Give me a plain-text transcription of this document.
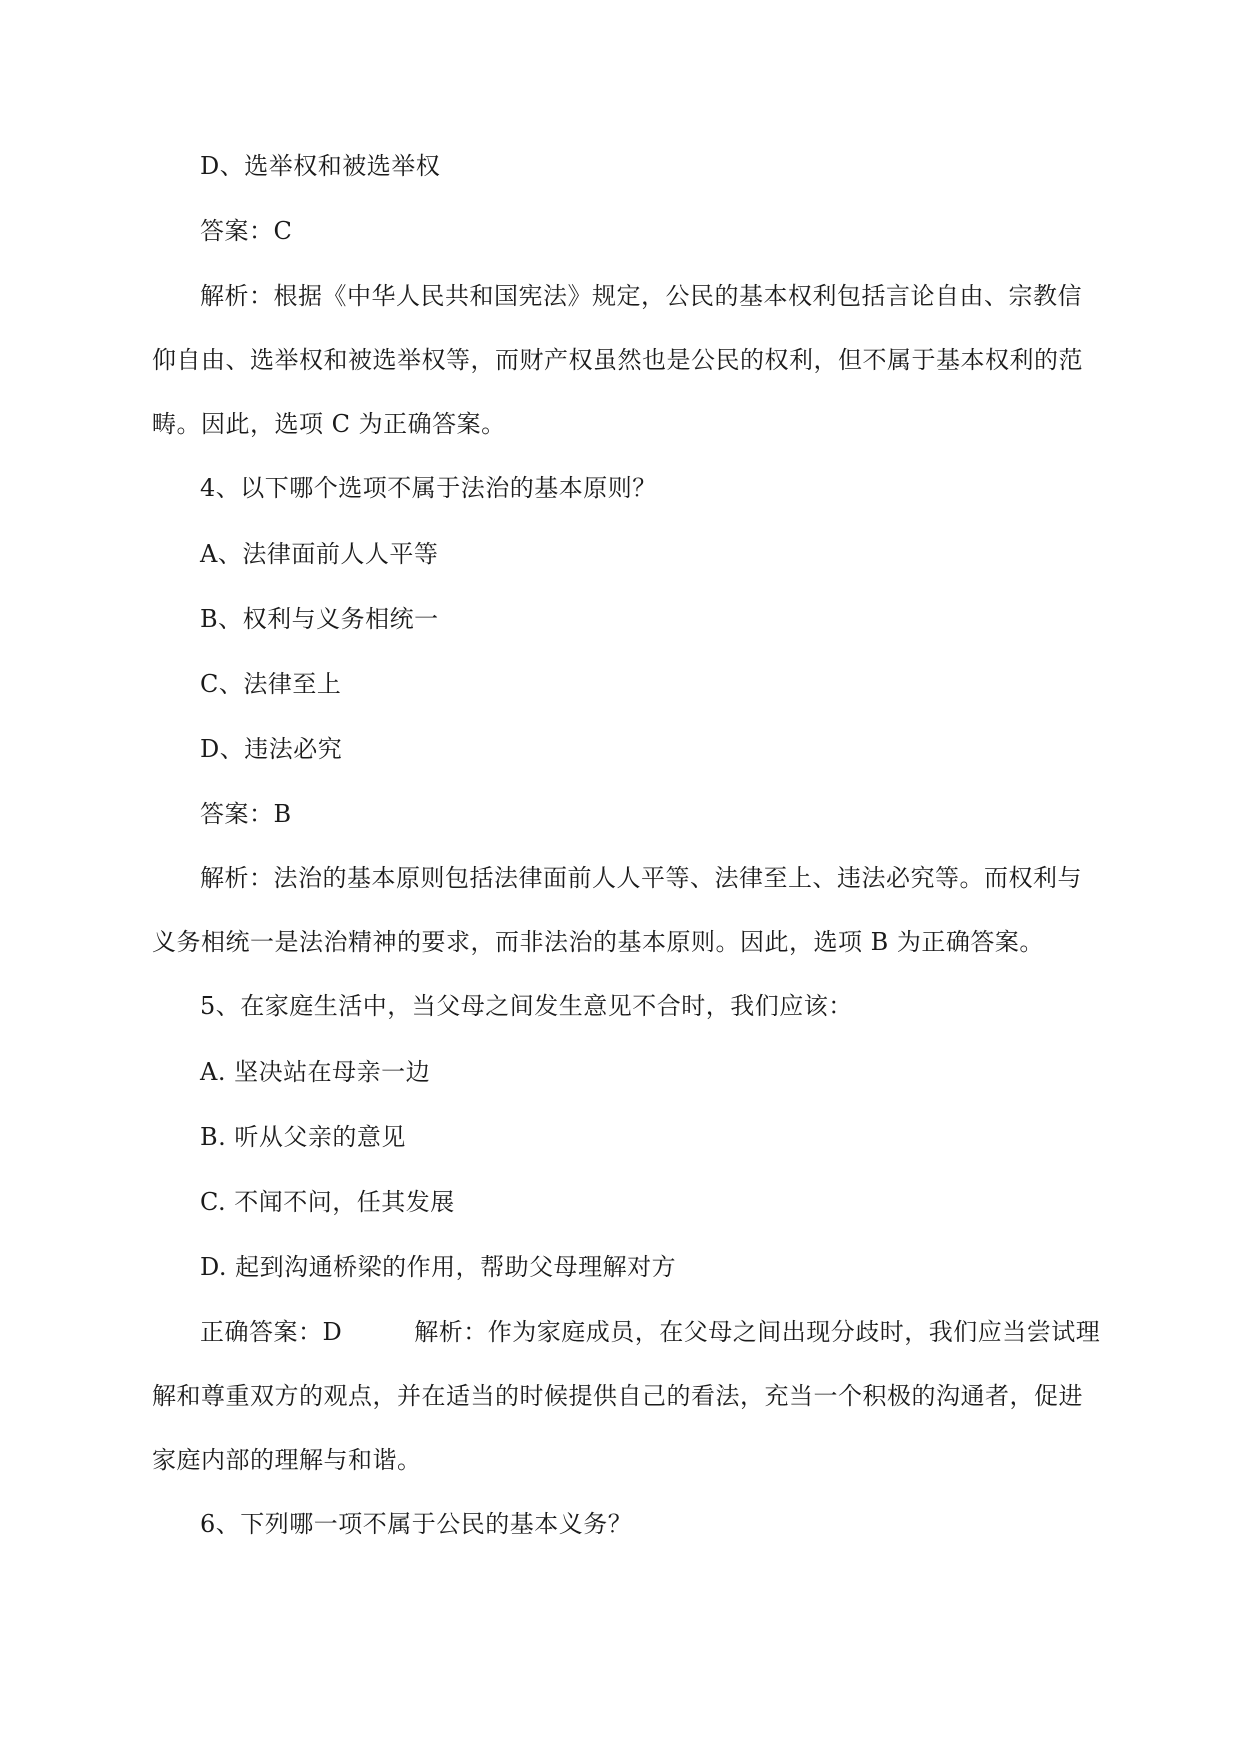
D、选举权和被选举权
答案：C
解析：根据《中华人民共和国宪法》规定，公民的基本权利包括言论自由、宗教信
仰自由、选举权和被选举权等，而财产权虽然也是公民的权利，但不属于基本权利的范
畴。因此，选项 C 为正确答案。
4、以下哪个选项不属于法治的基本原则？
A、法律面前人人平等
B、权利与义务相统一
C、法律至上
D、违法必究
答案：B
解析：法治的基本原则包括法律面前人人平等、法律至上、违法必究等。而权利与
义务相统一是法治精神的要求，而非法治的基本原则。因此，选项 B 为正确答案。
5、在家庭生活中，当父母之间发生意见不合时，我们应该：
A. 坚决站在母亲一边
B. 听从父亲的意见
C. 不闻不问，任其发展
D. 起到沟通桥梁的作用，帮助父母理解对方
正确答案：D	解析：作为家庭成员，在父母之间出现分歧时，我们应当尝试理
解和尊重双方的观点，并在适当的时候提供自己的看法，充当一个积极的沟通者，促进
家庭内部的理解与和谐。
6、下列哪一项不属于公民的基本义务？
